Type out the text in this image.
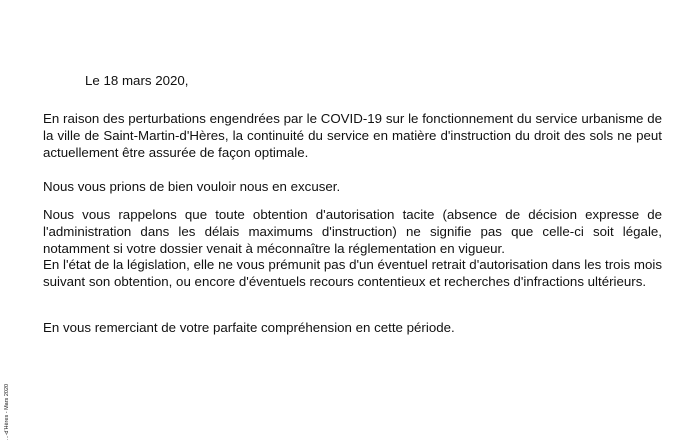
Le 18 mars 2020,

En raison des perturbations engendrées par le COVID-19 sur le fonctionnement du service urbanisme de la ville de Saint-Martin-d'Hères, la continuité du service en matière d'instruction du droit des sols ne peut actuellement être assurée de façon optimale.

Nous vous prions de bien vouloir nous en excuser.

Nous vous rappelons que toute obtention d'autorisation tacite (absence de décision expresse de l'administration dans les délais maximums d'instruction) ne signifie pas que celle-ci soit légale, notamment si votre dossier venait à méconnaître la réglementation en vigueur.

En l'état de la législation, elle ne vous prémunit pas d'un éventuel retrait d'autorisation dans les trois mois suivant son obtention, ou encore d'éventuels recours contentieux et recherches d'infractions ultérieurs.

En vous remerciant de votre parfaite compréhension en cette période.

...-d'Hères - Mars 2020
